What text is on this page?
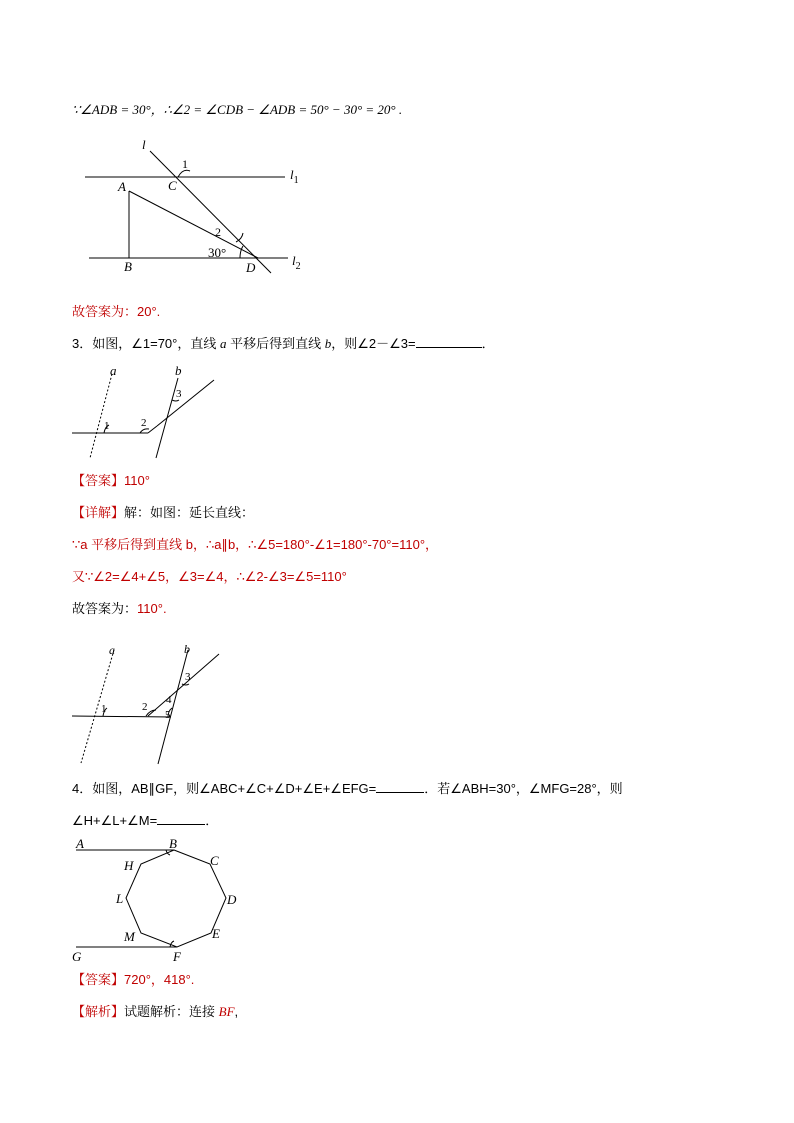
∵∠ADB = 30°，∴∠2 = ∠CDB − ∠ADB = 50° − 30° = 20° .
l
1
C
$l_1$
A
2
30°
B	D	$l_2$
故答案为：20°.
3．如图，∠1=70°，直线 a 平移后得到直线 b，则∠2－∠3=	．
a	b
1	2
3
【答案】110°
【详解】解：如图：延长直线：
∵a 平移后得到直线 b，∴a∥b，∴∠5=180°-∠1=180°-70°=110°，
又∵∠2=∠4+∠5，∠3=∠4，∴∠2-∠3=∠5=110°
故答案为：110°.
a	b
1	2
3
4
5
4．如图，AB∥GF，则∠ABC+∠C+∠D+∠E+∠EFG=	．若∠ABH=30°，∠MFG=28°，则
∠H+∠L+∠M=	．
A	B
C
H
L	D
M	E
G	F
【答案】720°，418°.
【解析】试题解析：连接 BF,
